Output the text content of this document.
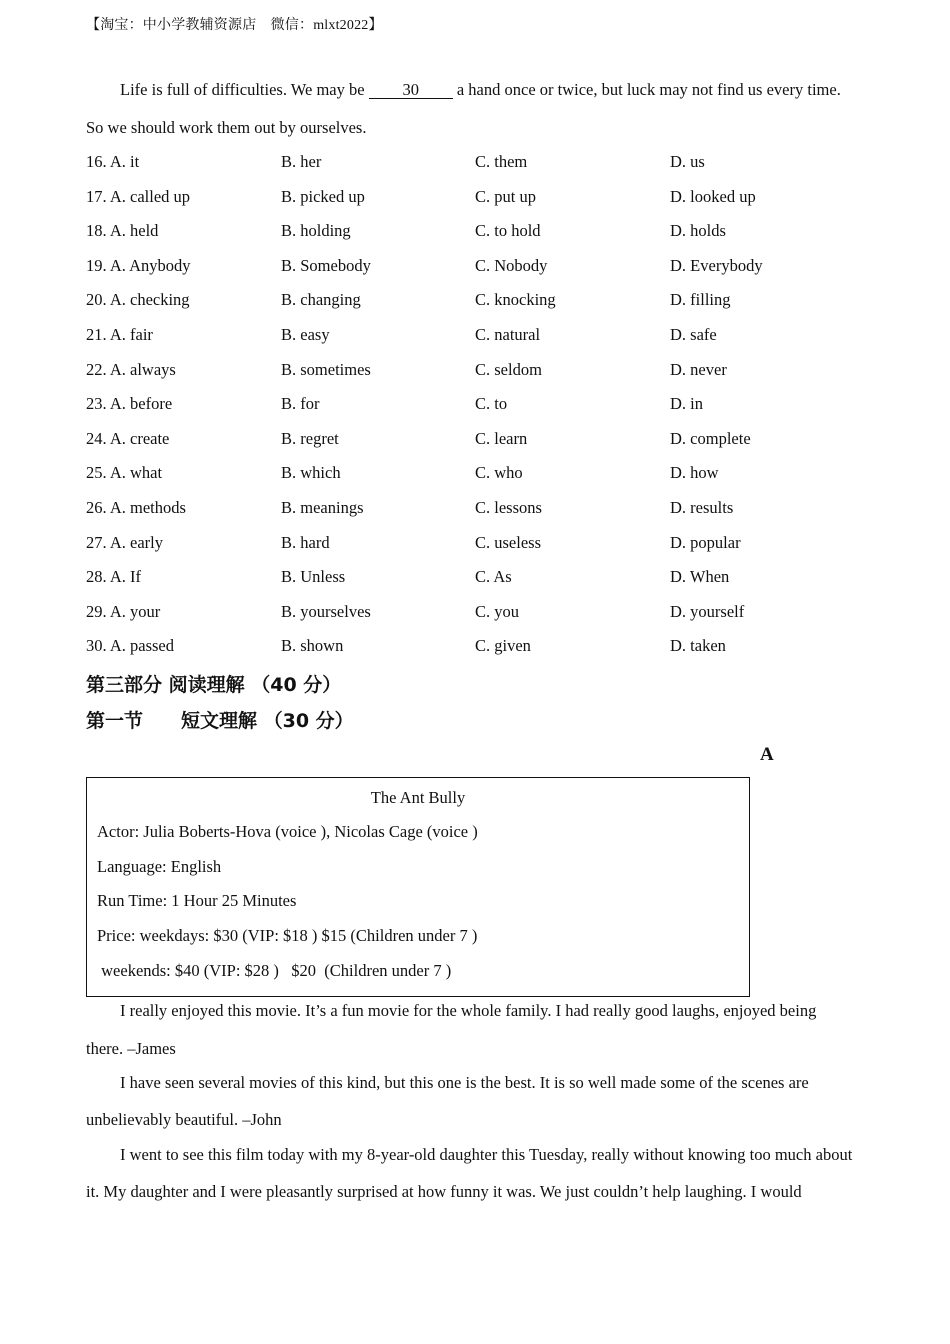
【淘宝：中小学教辅资源店　微信：mlxt2022】
Life is full of difficulties. We may be 30 a hand once or twice, but luck may not find us every time.
So we should work them out by ourselves.
16. A. it	B. her	C. them	D. us
17. A. called up	B. picked up	C. put up	D. looked up
18. A. held	B. holding	C. to hold	D. holds
19. A. Anybody	B. Somebody	C. Nobody	D. Everybody
20. A. checking	B. changing	C. knocking	D. filling
21. A. fair	B. easy	C. natural	D. safe
22. A. always	B. sometimes	C. seldom	D. never
23. A. before	B. for	C. to	D. in
24. A. create	B. regret	C. learn	D. complete
25. A. what	B. which	C. who	D. how
26. A. methods	B. meanings	C. lessons	D. results
27. A. early	B. hard	C. useless	D. popular
28. A. If	B. Unless	C. As	D. When
29. A. your	B. yourselves	C. you	D. yourself
30. A. passed	B. shown	C. given	D. taken
第三部分 阅读理解 （40 分）
第一节 短文理解 （30 分）
A
The Ant Bully
Actor: Julia Boberts-Hova (voice ), Nicolas Cage (voice )
Language: English
Run Time: 1 Hour 25 Minutes
Price: weekdays: $30 (VIP: $18 ) $15 (Children under 7 )
weekends: $40 (VIP: $28 )   $20  (Children under 7 )
I really enjoyed this movie. It’s a fun movie for the whole family. I had really good laughs, enjoyed being
there. –James
I have seen several movies of this kind, but this one is the best. It is so well made some of the scenes are
unbelievably beautiful. –John
I went to see this film today with my 8-year-old daughter this Tuesday, really without knowing too much about
it. My daughter and I were pleasantly surprised at how funny it was. We just couldn’t help laughing. I would
